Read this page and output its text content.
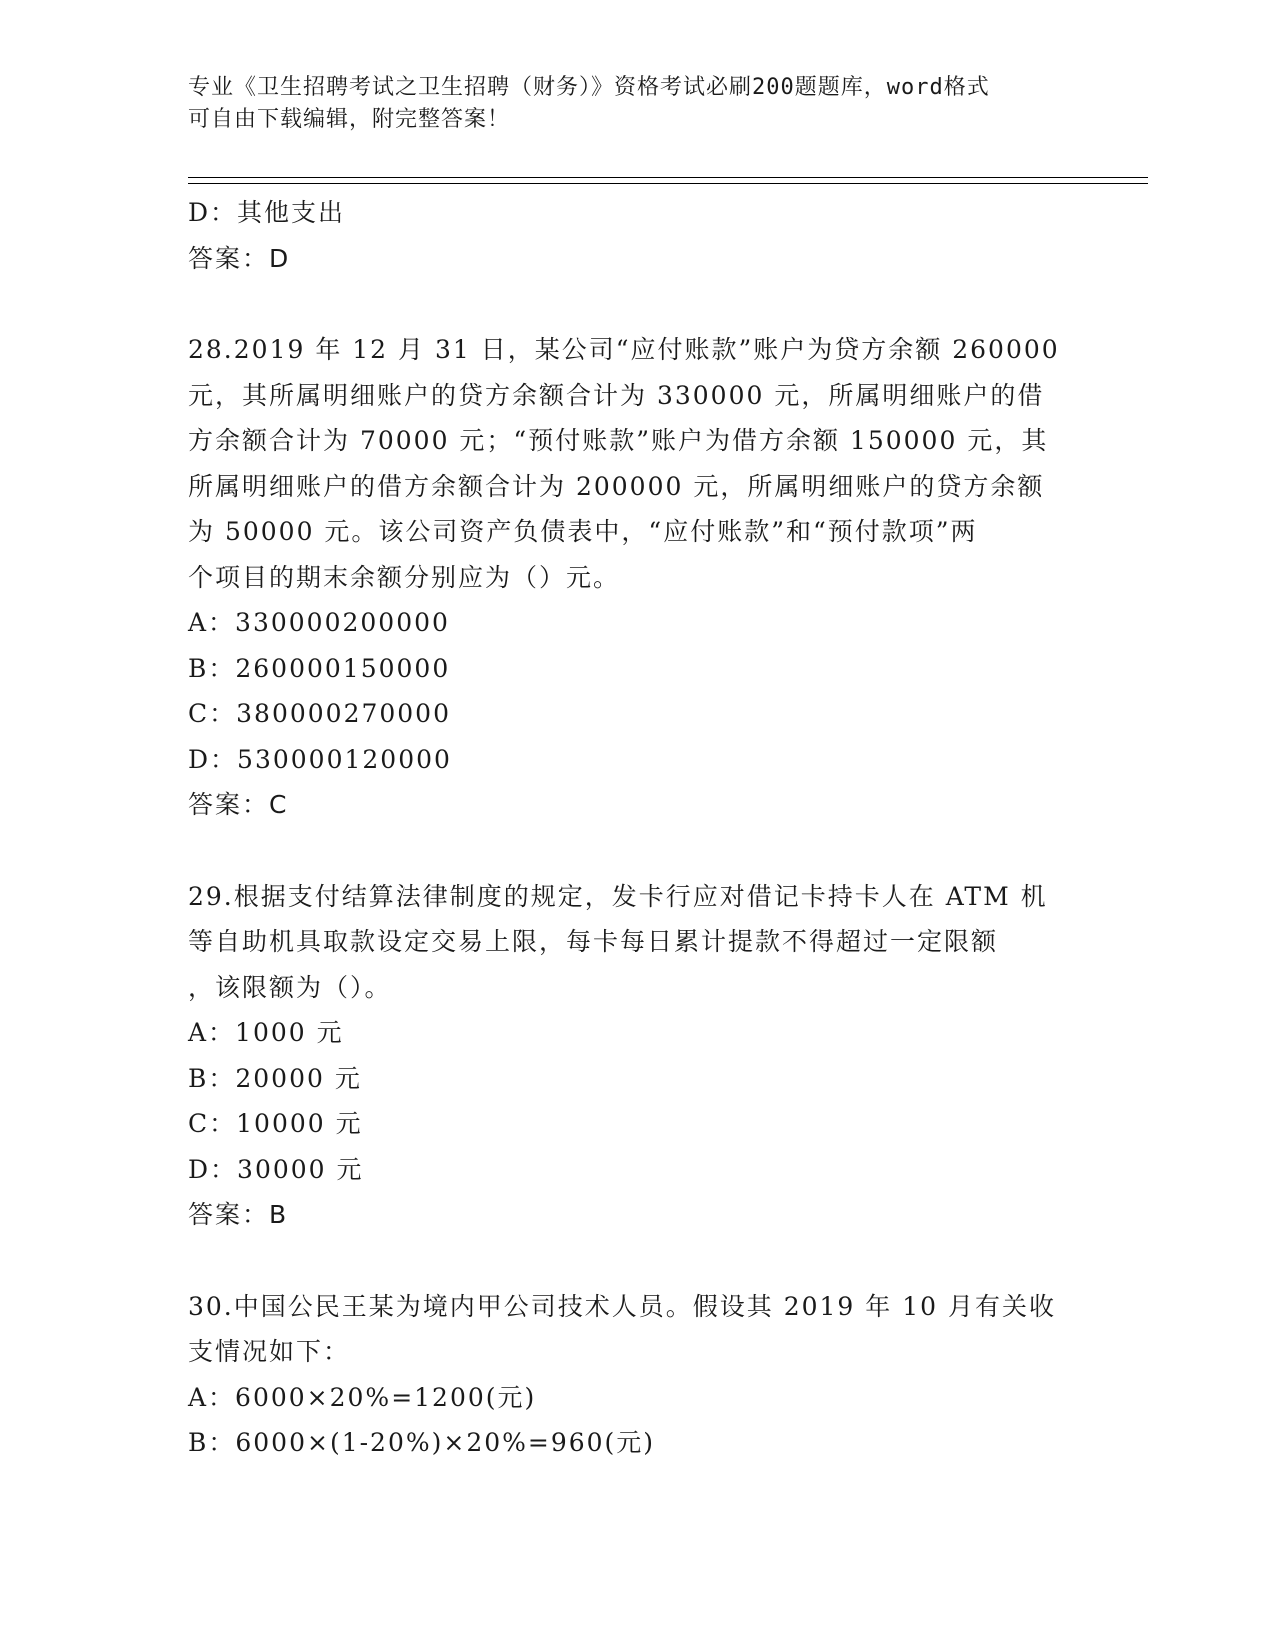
专业《卫生招聘考试之卫生招聘（财务）》资格考试必刷200题题库，word格式
可自由下载编辑，附完整答案！
D：其他支出
答案：D
28.2019 年 12 月 31 日，某公司“应付账款”账户为贷方余额 260000
元，其所属明细账户的贷方余额合计为 330000 元，所属明细账户的借
方余额合计为 70000 元；“预付账款”账户为借方余额 150000 元，其
所属明细账户的借方余额合计为 200000 元，所属明细账户的贷方余额
为 50000 元。该公司资产负债表中，“应付账款”和“预付款项”两
个项目的期末余额分别应为（）元。
A：330000200000
B：260000150000
C：380000270000
D：530000120000
答案：C
29.根据支付结算法律制度的规定，发卡行应对借记卡持卡人在 ATM 机
等自助机具取款设定交易上限，每卡每日累计提款不得超过一定限额
，该限额为（）。
A：1000 元
B：20000 元
C：10000 元
D：30000 元
答案：B
30.中国公民王某为境内甲公司技术人员。假设其 2019 年 10 月有关收
支情况如下：
A：6000×20%=1200(元)
B：6000×(1-20%)×20%=960(元)
